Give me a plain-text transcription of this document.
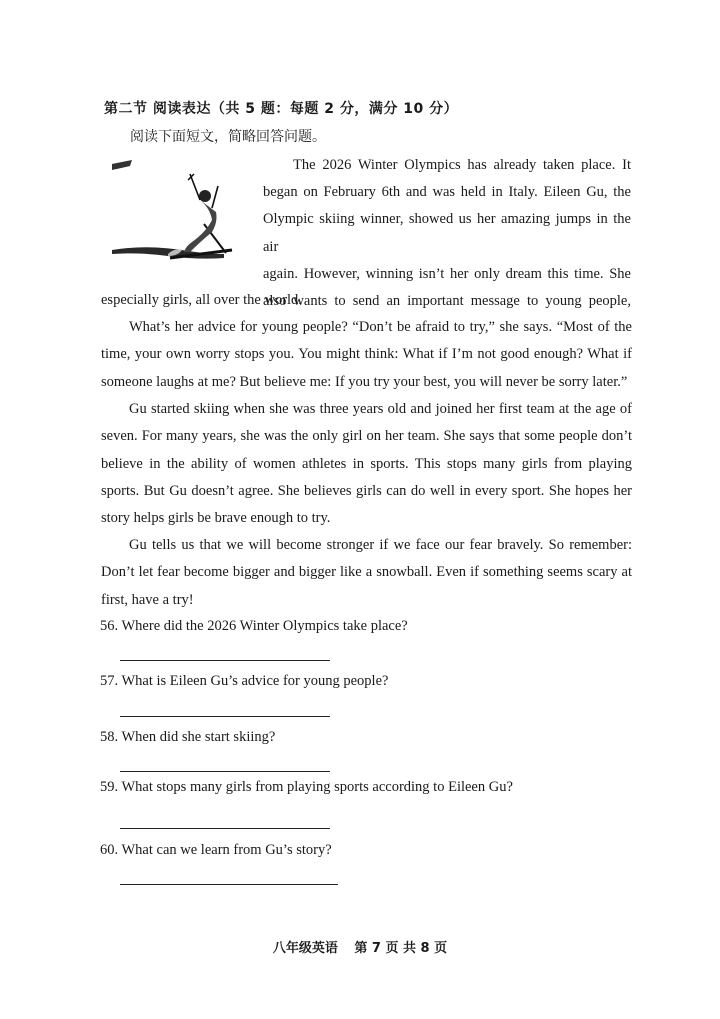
第二节 阅读表达（共 5 题：每题 2 分，满分 10 分）
阅读下面短文，简略回答问题。

The 2026 Winter Olympics has already taken place. It
began on February 6th and was held in Italy. Eileen Gu, the
Olympic skiing winner, showed us her amazing jumps in the air
again. However, winning isn’t her only dream this time. She
also wants to send an important message to young people,

especially girls, all over the world.

What’s her advice for young people? “Don’t be afraid to try,” she says. “Most of the time, your own worry stops you. You might think: What if I’m not good enough? What if someone laughs at me? But believe me: If you try your best, you will never be sorry later.”

Gu started skiing when she was three years old and joined her first team at the age of seven. For many years, she was the only girl on her team. She says that some people don’t believe in the ability of women athletes in sports. This stops many girls from playing sports. But Gu doesn’t agree. She believes girls can do well in every sport. She hopes her story helps girls be brave enough to try.

Gu tells us that we will become stronger if we face our fear bravely. So remember: Don’t let fear become bigger and bigger like a snowball. Even if something seems scary at first, have a try!

56. Where did the 2026 Winter Olympics take place?

57. What is Eileen Gu’s advice for young people?

58. When did she start skiing?

59. What stops many girls from playing sports according to Eileen Gu?

60. What can we learn from Gu’s story?

八年级英语 第 7 页 共 8 页
